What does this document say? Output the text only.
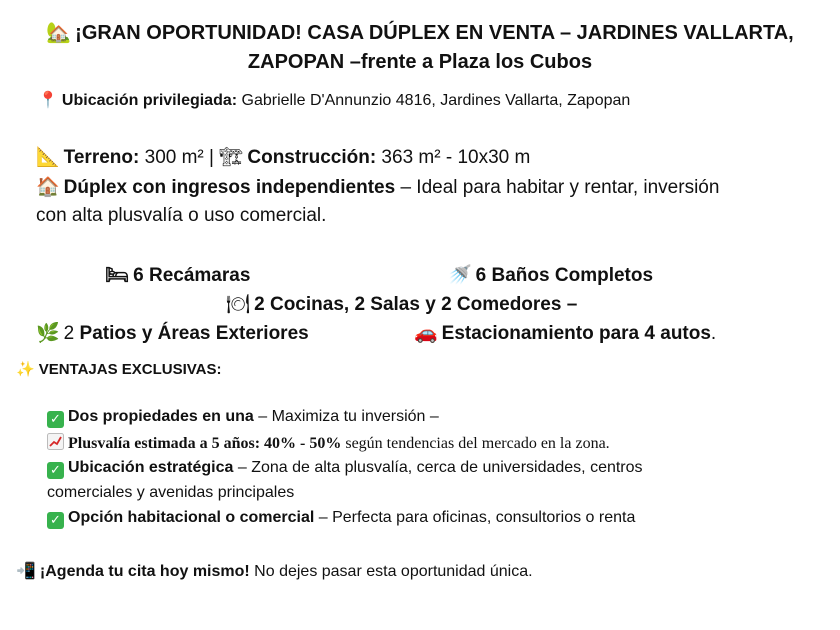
🏡 ¡GRAN OPORTUNIDAD! CASA DÚPLEX EN VENTA – JARDINES VALLARTA,
ZAPOPAN –frente a Plaza los Cubos
📍 Ubicación privilegiada: Gabrielle D'Annunzio 4816, Jardines Vallarta, Zapopan
📐 Terreno: 300 m² | 🏗 Construcción: 363 m² - 10x30 m
🏠 Dúplex con ingresos independientes – Ideal para habitar y rentar, inversión
con alta plusvalía o uso comercial.
🛏 6 Recámaras	🚿 6 Baños Completos
🍽 2 Cocinas, 2 Salas y 2 Comedores –
🌿 2 Patios y Áreas Exteriores	🚗 Estacionamiento para 4 autos.
✨ VENTAJAS EXCLUSIVAS:
✓ Dos propiedades en una – Maximiza tu inversión –
Plusvalía estimada a 5 años: 40% - 50% según tendencias del mercado en la zona.
✓ Ubicación estratégica – Zona de alta plusvalía, cerca de universidades, centros
comerciales y avenidas principales
✓ Opción habitacional o comercial – Perfecta para oficinas, consultorios o renta
📲 ¡Agenda tu cita hoy mismo! No dejes pasar esta oportunidad única.
